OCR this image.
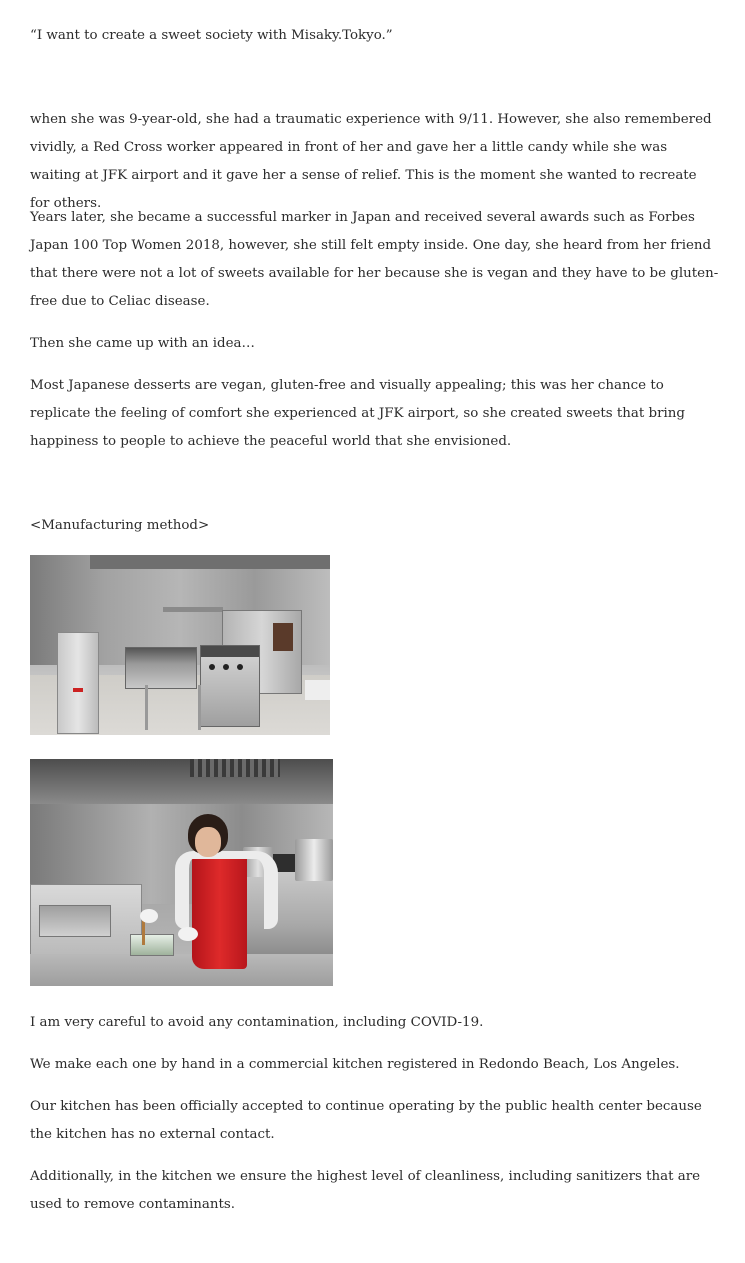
“I want to create a sweet society with Misaky.Tokyo.”

when she was 9-year-old, she had a traumatic experience with 9/11. However, she also remembered vividly, a Red Cross worker appeared in front of her and gave her a little candy while she was waiting at JFK airport and it gave her a sense of relief. This is the moment she wanted to recreate for others.

Years later, she became a successful marker in Japan and received several awards such as Forbes Japan 100 Top Women 2018, however, she still felt empty inside. One day, she heard from her friend that there were not a lot of sweets available for her because she is vegan and they have to be gluten-free due to Celiac disease.

Then she came up with an idea…

Most Japanese desserts are vegan, gluten-free and visually appealing; this was her chance to replicate the feeling of comfort she experienced at JFK airport, so she created sweets that bring happiness to people to achieve the peaceful world that she envisioned.

<Manufacturing method>

I am very careful to avoid any contamination, including COVID-19.

We make each one by hand in a commercial kitchen registered in Redondo Beach, Los Angeles.

Our kitchen has been officially accepted to continue operating by the public health center because the kitchen has no external contact.

Additionally, in the kitchen we ensure the highest level of cleanliness, including sanitizers that are used to remove contaminants.
